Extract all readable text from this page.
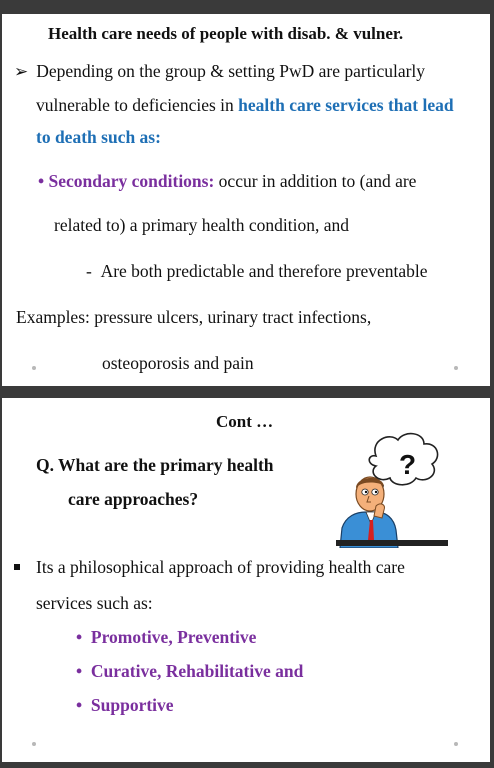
Health care needs of people with disab. & vulner.
➢ Depending on the group & setting PwD are particularly
vulnerable to deficiencies in health care services that lead
to death such as:
• Secondary conditions: occur in addition to (and are
related to) a primary health condition, and
-  Are both predictable and therefore preventable
Examples: pressure ulcers, urinary tract infections,
osteoporosis and pain
Cont …
Q. What are the primary health
care approaches?
?
Its a philosophical approach of providing health care
services such as:
• Promotive, Preventive
• Curative, Rehabilitative and
• Supportive
